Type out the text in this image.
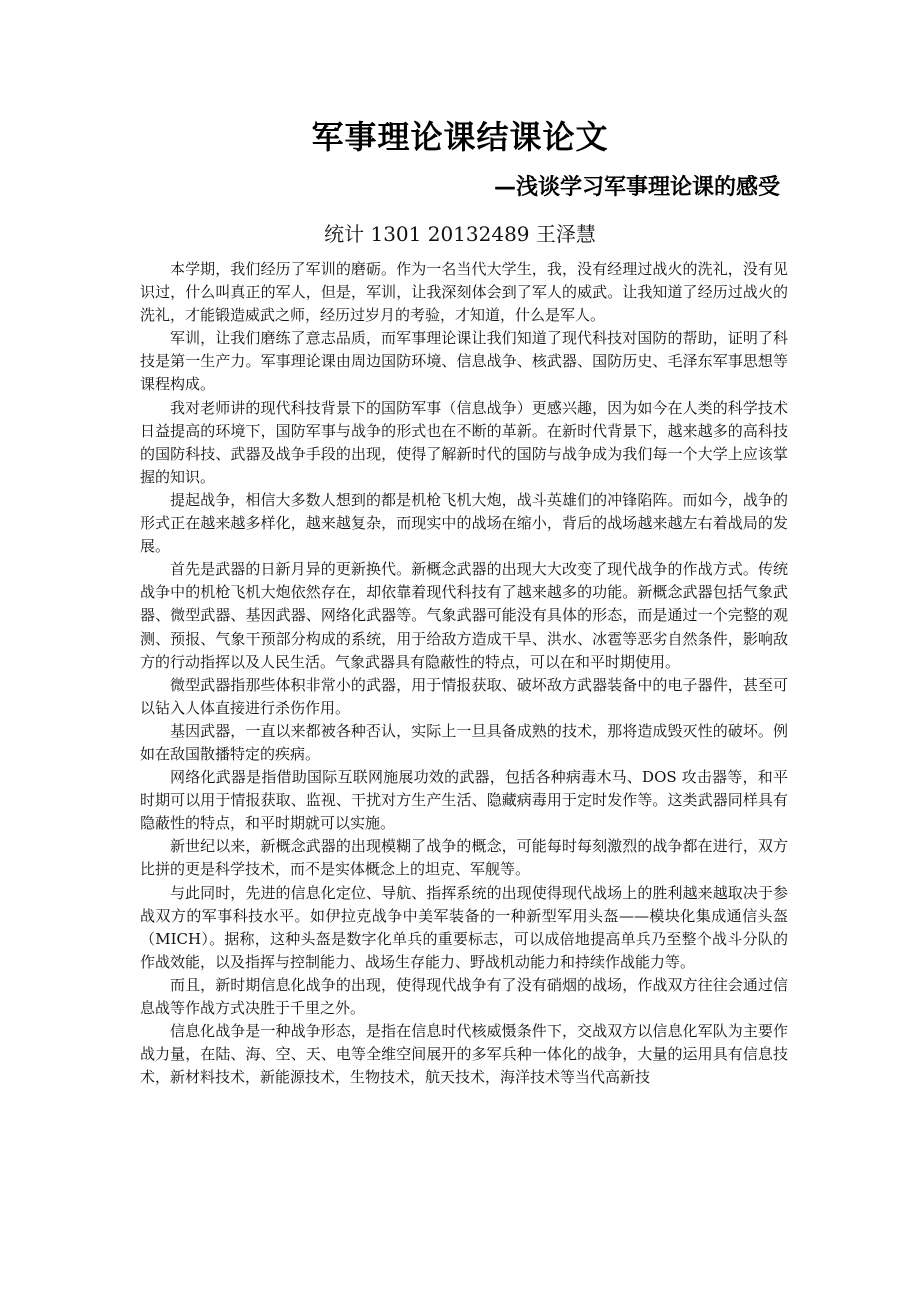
军事理论课结课论文
—浅谈学习军事理论课的感受
统计 1301 20132489 王泽慧

本学期，我们经历了军训的磨砺。作为一名当代大学生，我，没有经理过战火的洗礼，没有见识过，什么叫真正的军人，但是，军训，让我深刻体会到了军人的威武。让我知道了经历过战火的洗礼，才能锻造威武之师，经历过岁月的考验，才知道，什么是军人。

军训，让我们磨练了意志品质，而军事理论课让我们知道了现代科技对国防的帮助，证明了科技是第一生产力。军事理论课由周边国防环境、信息战争、核武器、国防历史、毛泽东军事思想等课程构成。

我对老师讲的现代科技背景下的国防军事（信息战争）更感兴趣，因为如今在人类的科学技术日益提高的环境下，国防军事与战争的形式也在不断的革新。在新时代背景下，越来越多的高科技的国防科技、武器及战争手段的出现，使得了解新时代的国防与战争成为我们每一个大学上应该掌握的知识。

提起战争，相信大多数人想到的都是机枪飞机大炮，战斗英雄们的冲锋陷阵。而如今，战争的形式正在越来越多样化，越来越复杂，而现实中的战场在缩小，背后的战场越来越左右着战局的发展。

首先是武器的日新月异的更新换代。新概念武器的出现大大改变了现代战争的作战方式。传统战争中的机枪飞机大炮依然存在，却依靠着现代科技有了越来越多的功能。新概念武器包括气象武器、微型武器、基因武器、网络化武器等。气象武器可能没有具体的形态，而是通过一个完整的观测、预报、气象干预部分构成的系统，用于给敌方造成干旱、洪水、冰雹等恶劣自然条件，影响敌方的行动指挥以及人民生活。气象武器具有隐蔽性的特点，可以在和平时期使用。

微型武器指那些体积非常小的武器，用于情报获取、破坏敌方武器装备中的电子器件，甚至可以钻入人体直接进行杀伤作用。

基因武器，一直以来都被各种否认，实际上一旦具备成熟的技术，那将造成毁灭性的破坏。例如在敌国散播特定的疾病。

网络化武器是指借助国际互联网施展功效的武器，包括各种病毒木马、DOS 攻击器等，和平时期可以用于情报获取、监视、干扰对方生产生活、隐藏病毒用于定时发作等。这类武器同样具有隐蔽性的特点，和平时期就可以实施。

新世纪以来，新概念武器的出现模糊了战争的概念，可能每时每刻激烈的战争都在进行，双方比拼的更是科学技术，而不是实体概念上的坦克、军舰等。

与此同时，先进的信息化定位、导航、指挥系统的出现使得现代战场上的胜利越来越取决于参战双方的军事科技水平。如伊拉克战争中美军装备的一种新型军用头盔——模块化集成通信头盔（MICH）。据称，这种头盔是数字化单兵的重要标志，可以成倍地提高单兵乃至整个战斗分队的作战效能，以及指挥与控制能力、战场生存能力、野战机动能力和持续作战能力等。

而且，新时期信息化战争的出现，使得现代战争有了没有硝烟的战场，作战双方往往会通过信息战等作战方式决胜于千里之外。

信息化战争是一种战争形态，是指在信息时代核威慑条件下，交战双方以信息化军队为主要作战力量，在陆、海、空、天、电等全维空间展开的多军兵种一体化的战争，大量的运用具有信息技术，新材料技术，新能源技术，生物技术，航天技术，海洋技术等当代高新技
